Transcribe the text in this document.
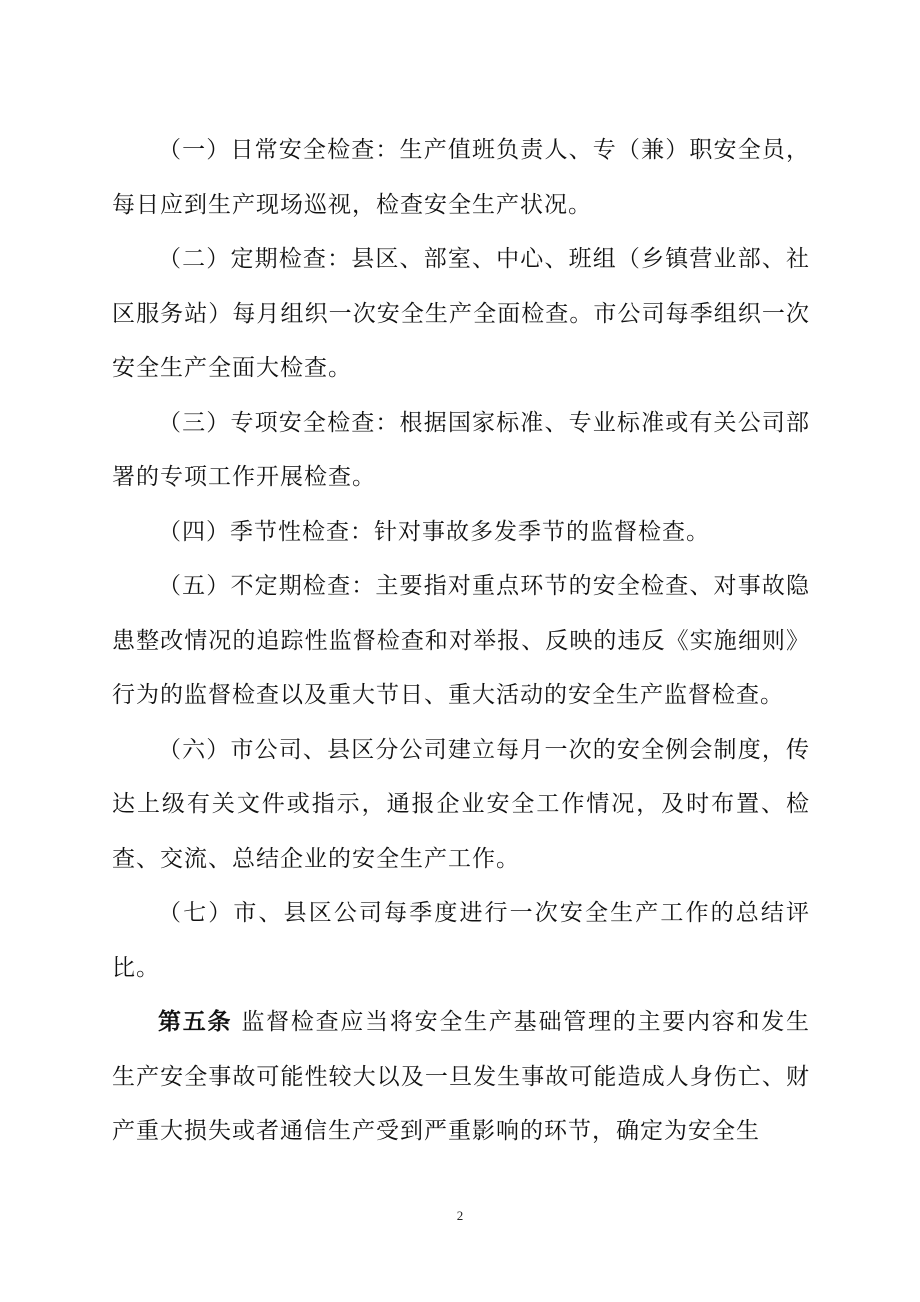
（一）日常安全检查：生产值班负责人、专（兼）职安全员，每日应到生产现场巡视，检查安全生产状况。

（二）定期检查：县区、部室、中心、班组（乡镇营业部、社区服务站）每月组织一次安全生产全面检查。市公司每季组织一次安全生产全面大检查。

（三）专项安全检查：根据国家标准、专业标准或有关公司部署的专项工作开展检查。

（四）季节性检查：针对事故多发季节的监督检查。

（五）不定期检查：主要指对重点环节的安全检查、对事故隐患整改情况的追踪性监督检查和对举报、反映的违反《实施细则》行为的监督检查以及重大节日、重大活动的安全生产监督检查。

（六）市公司、县区分公司建立每月一次的安全例会制度，传达上级有关文件或指示，通报企业安全工作情况，及时布置、检查、交流、总结企业的安全生产工作。

（七）市、县区公司每季度进行一次安全生产工作的总结评比。

第五条 监督检查应当将安全生产基础管理的主要内容和发生生产安全事故可能性较大以及一旦发生事故可能造成人身伤亡、财产重大损失或者通信生产受到严重影响的环节，确定为安全生

2
